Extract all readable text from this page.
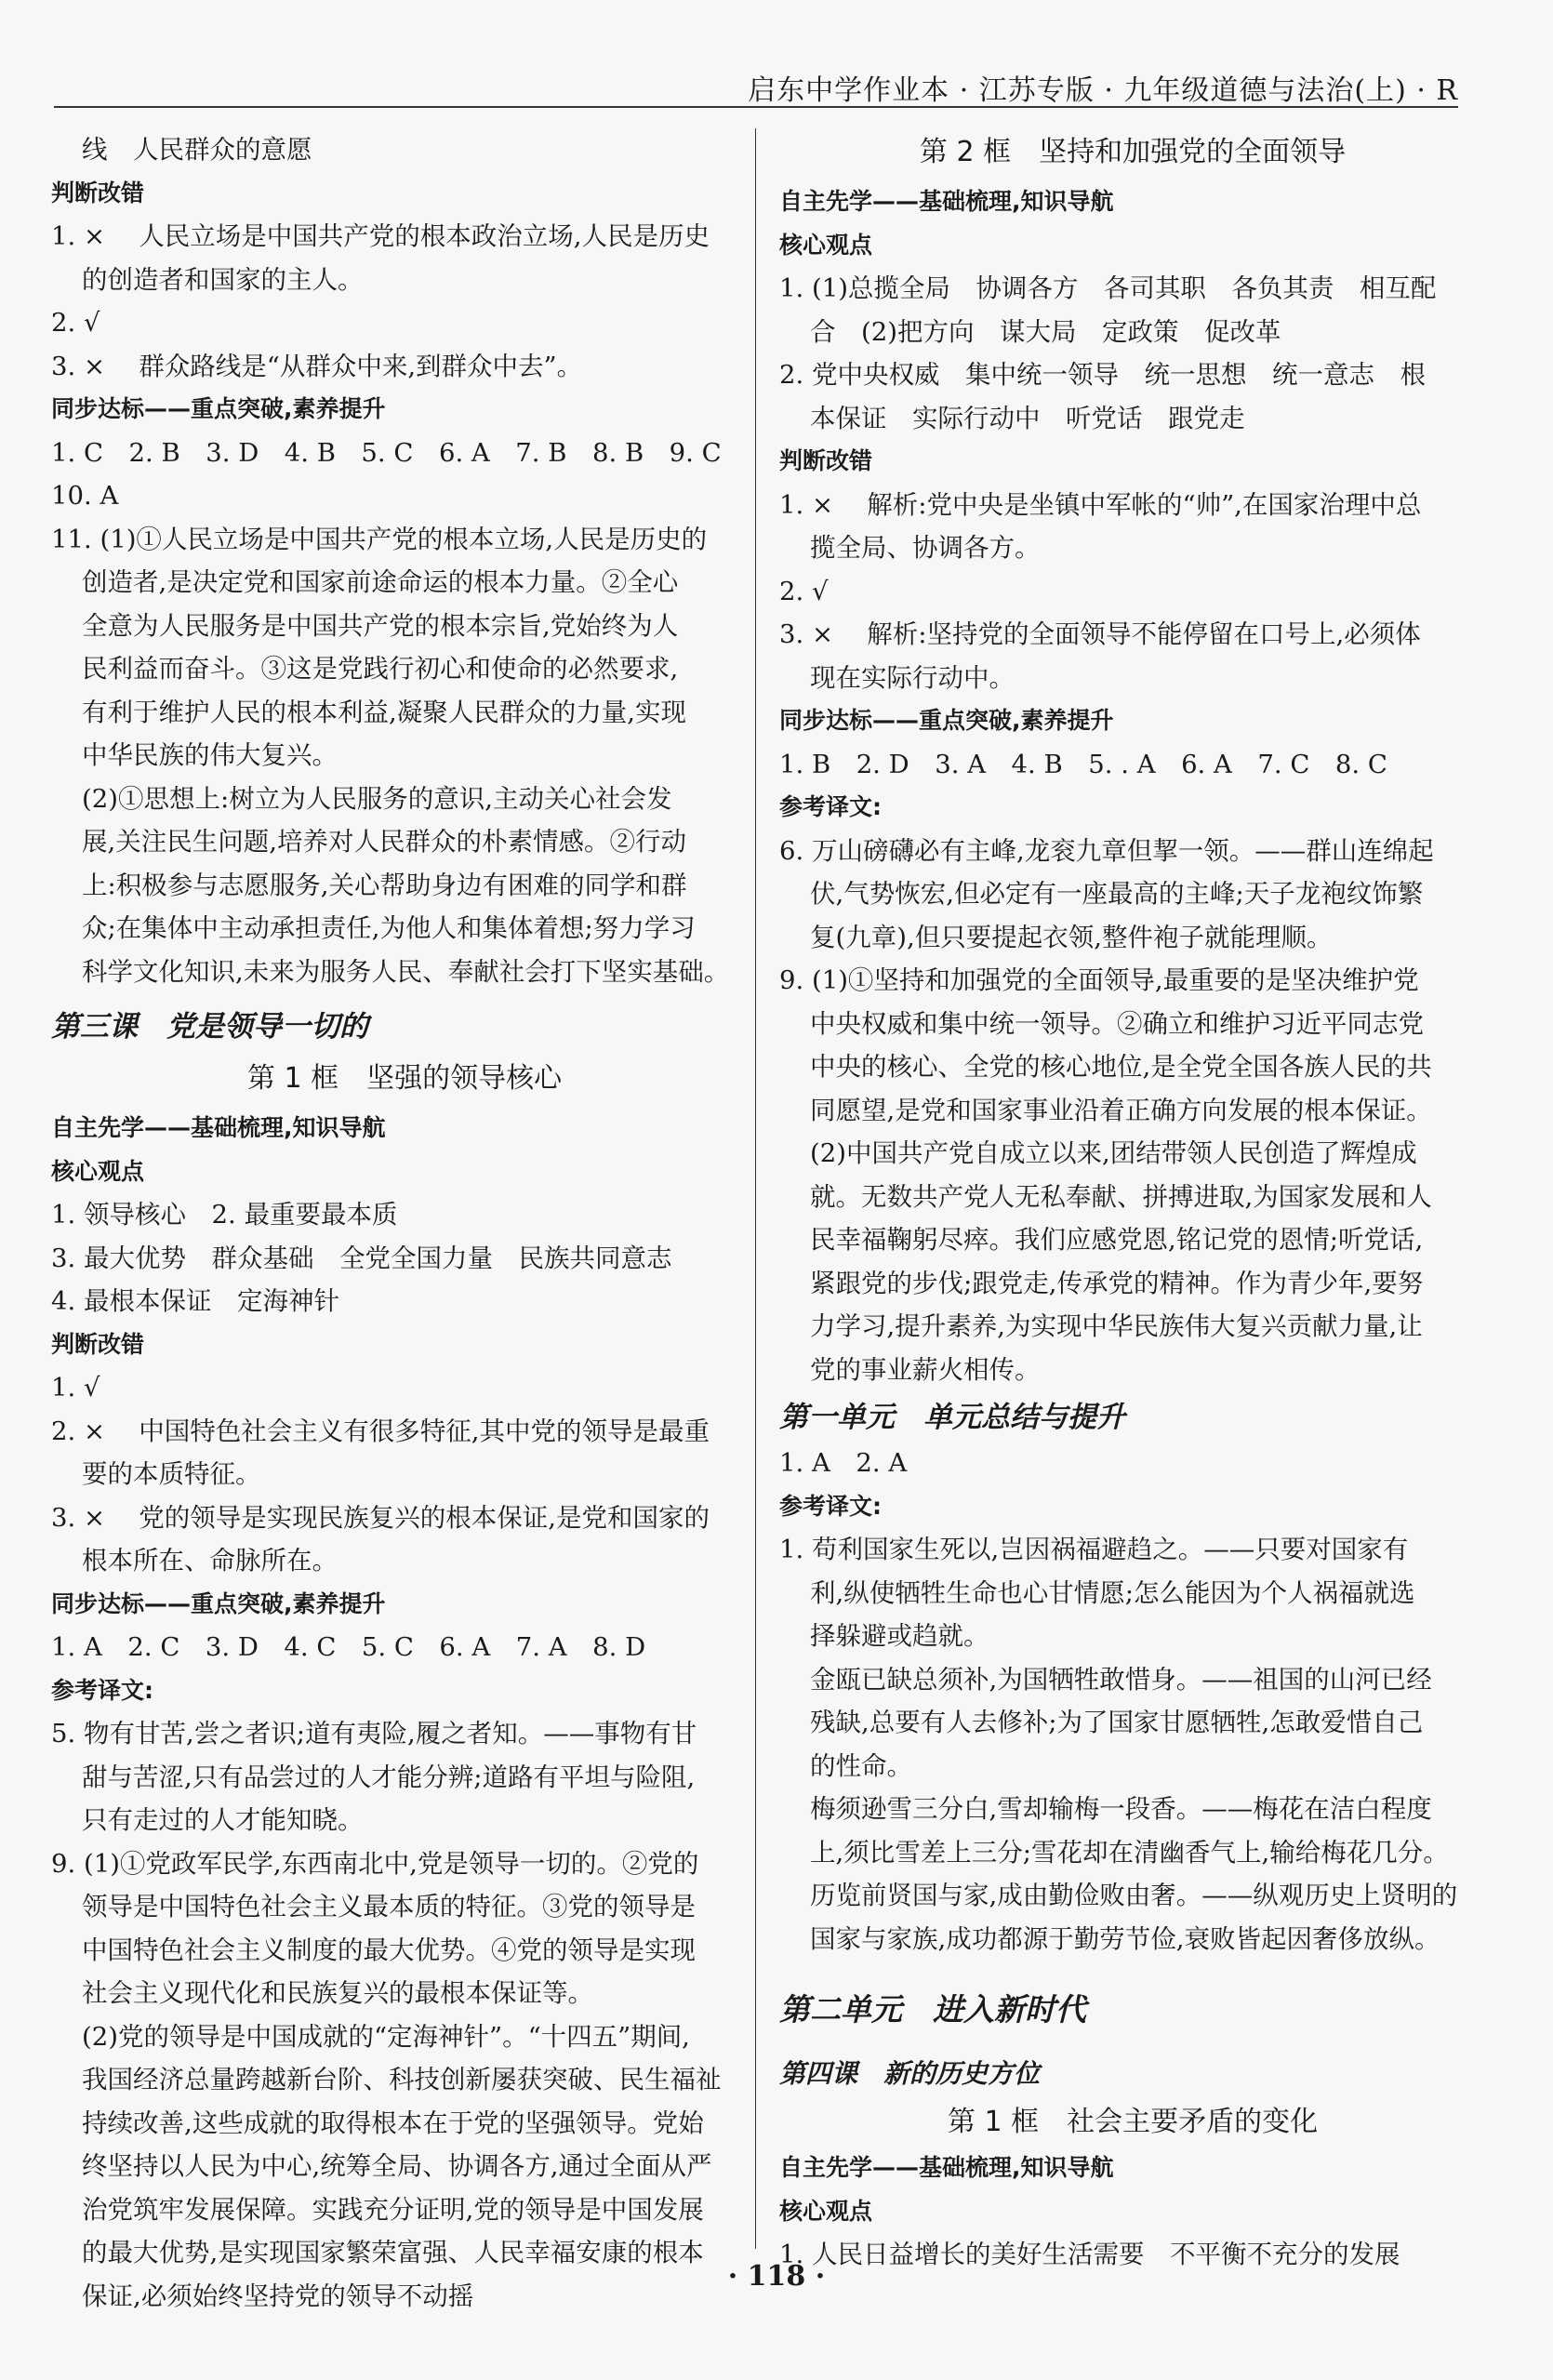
启东中学作业本 · 江苏专版 · 九年级道德与法治(上) · R

线　人民群众的意愿

判断改错

1. ×　 人民立场是中国共产党的根本政治立场,人民是历史

的创造者和国家的主人。

2. √

3. ×　 群众路线是“从群众中来,到群众中去”。

同步达标——重点突破,素养提升

1. C　2. B　3. D　4. B　5. C　6. A　7. B　8. B　9. C　10. A

11. (1)①人民立场是中国共产党的根本立场,人民是历史的

创造者,是决定党和国家前途命运的根本力量。②全心

全意为人民服务是中国共产党的根本宗旨,党始终为人

民利益而奋斗。③这是党践行初心和使命的必然要求,

有利于维护人民的根本利益,凝聚人民群众的力量,实现

中华民族的伟大复兴。

(2)①思想上:树立为人民服务的意识,主动关心社会发

展,关注民生问题,培养对人民群众的朴素情感。②行动

上:积极参与志愿服务,关心帮助身边有困难的同学和群

众;在集体中主动承担责任,为他人和集体着想;努力学习

科学文化知识,未来为服务人民、奉献社会打下坚实基础。

第三课　党是领导一切的

第 1 框　坚强的领导核心

自主先学——基础梳理,知识导航

核心观点

1. 领导核心　2. 最重要最本质

3. 最大优势　群众基础　全党全国力量　民族共同意志

4. 最根本保证　定海神针

判断改错

1. √

2. ×　 中国特色社会主义有很多特征,其中党的领导是最重

要的本质特征。

3. ×　 党的领导是实现民族复兴的根本保证,是党和国家的

根本所在、命脉所在。

同步达标——重点突破,素养提升

1. A　2. C　3. D　4. C　5. C　6. A　7. A　8. D

参考译文:

5. 物有甘苦,尝之者识;道有夷险,履之者知。——事物有甘

甜与苦涩,只有品尝过的人才能分辨;道路有平坦与险阻,

只有走过的人才能知晓。

9. (1)①党政军民学,东西南北中,党是领导一切的。②党的

领导是中国特色社会主义最本质的特征。③党的领导是

中国特色社会主义制度的最大优势。④党的领导是实现

社会主义现代化和民族复兴的最根本保证等。

(2)党的领导是中国成就的“定海神针”。“十四五”期间,

我国经济总量跨越新台阶、科技创新屡获突破、民生福祉

持续改善,这些成就的取得根本在于党的坚强领导。党始

终坚持以人民为中心,统筹全局、协调各方,通过全面从严

治党筑牢发展保障。实践充分证明,党的领导是中国发展

的最大优势,是实现国家繁荣富强、人民幸福安康的根本

保证,必须始终坚持党的领导不动摇

第 2 框　坚持和加强党的全面领导

自主先学——基础梳理,知识导航

核心观点

1. (1)总揽全局　协调各方　各司其职　各负其责　相互配

合　(2)把方向　谋大局　定政策　促改革

2. 党中央权威　集中统一领导　统一思想　统一意志　根

本保证　实际行动中　听党话　跟党走

判断改错

1. ×　 解析:党中央是坐镇中军帐的“帅”,在国家治理中总

揽全局、协调各方。

2. √

3. ×　 解析:坚持党的全面领导不能停留在口号上,必须体

现在实际行动中。

同步达标——重点突破,素养提升

1. B　2. D　3. A　4. B　5. . A　6. A　7. C　8. C

参考译文:

6. 万山磅礴必有主峰,龙衮九章但挈一领。——群山连绵起

伏,气势恢宏,但必定有一座最高的主峰;天子龙袍纹饰繁

复(九章),但只要提起衣领,整件袍子就能理顺。

9. (1)①坚持和加强党的全面领导,最重要的是坚决维护党

中央权威和集中统一领导。②确立和维护习近平同志党

中央的核心、全党的核心地位,是全党全国各族人民的共

同愿望,是党和国家事业沿着正确方向发展的根本保证。

(2)中国共产党自成立以来,团结带领人民创造了辉煌成

就。无数共产党人无私奉献、拼搏进取,为国家发展和人

民幸福鞠躬尽瘁。我们应感党恩,铭记党的恩情;听党话,

紧跟党的步伐;跟党走,传承党的精神。作为青少年,要努

力学习,提升素养,为实现中华民族伟大复兴贡献力量,让

党的事业薪火相传。

第一单元　单元总结与提升

1. A　2. A

参考译文:

1. 苟利国家生死以,岂因祸福避趋之。——只要对国家有

利,纵使牺牲生命也心甘情愿;怎么能因为个人祸福就选

择躲避或趋就。

金瓯已缺总须补,为国牺牲敢惜身。——祖国的山河已经

残缺,总要有人去修补;为了国家甘愿牺牲,怎敢爱惜自己

的性命。

梅须逊雪三分白,雪却输梅一段香。——梅花在洁白程度

上,须比雪差上三分;雪花却在清幽香气上,输给梅花几分。

历览前贤国与家,成由勤俭败由奢。——纵观历史上贤明的

国家与家族,成功都源于勤劳节俭,衰败皆起因奢侈放纵。

第二单元　进入新时代

第四课　新的历史方位

第 1 框　社会主要矛盾的变化

自主先学——基础梳理,知识导航

核心观点

1. 人民日益增长的美好生活需要　不平衡不充分的发展

· 118 ·
